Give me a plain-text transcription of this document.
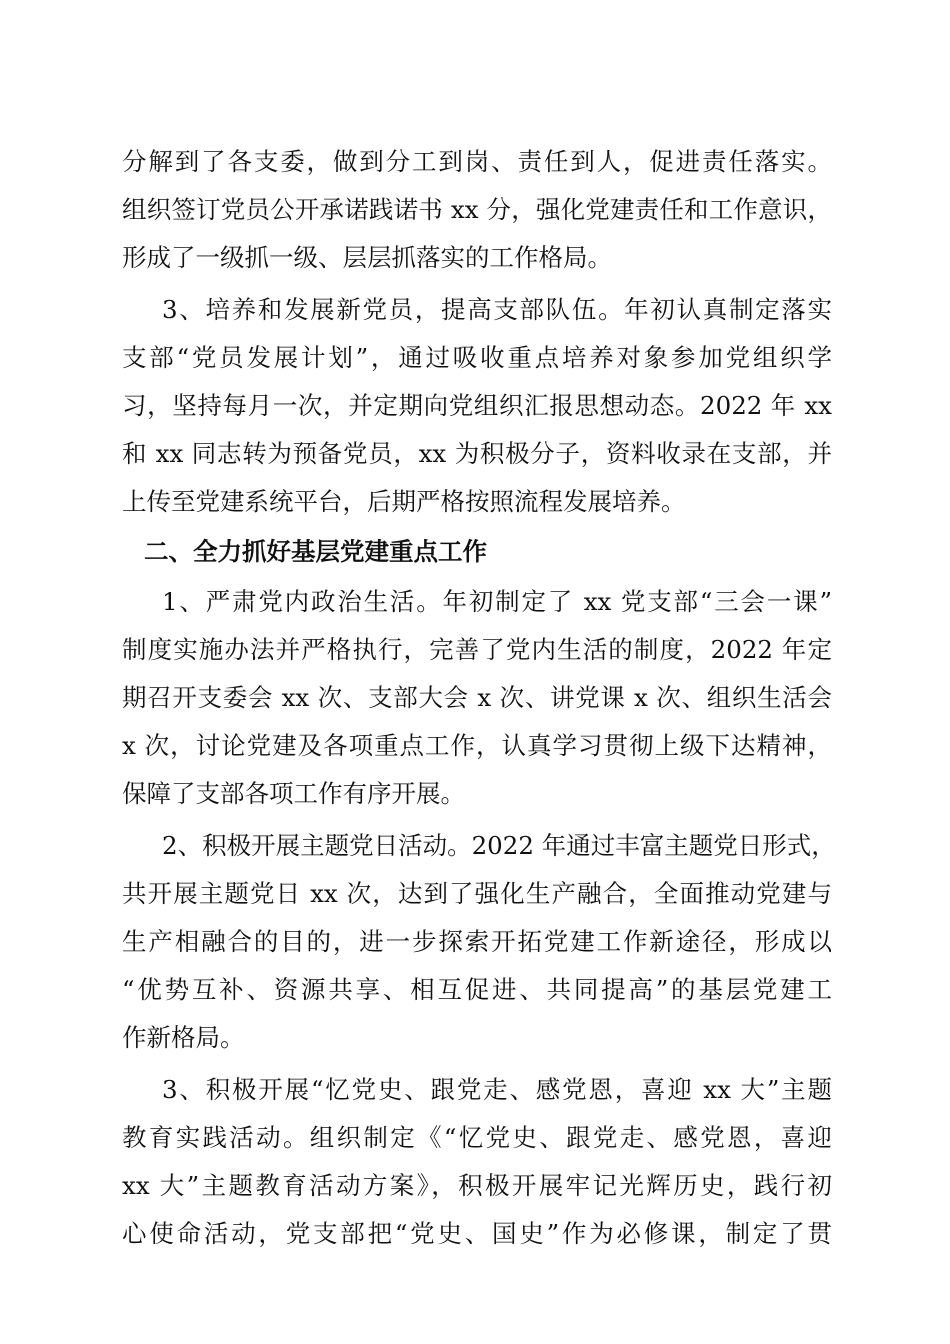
分解到了各支委，做到分工到岗、责任到人，促进责任落实。
组织签订党员公开承诺践诺书 xx 分，强化党建责任和工作意识，
形成了一级抓一级、层层抓落实的工作格局。
3、培养和发展新党员，提高支部队伍。年初认真制定落实
支部“党员发展计划”，通过吸收重点培养对象参加党组织学
习，坚持每月一次，并定期向党组织汇报思想动态。2022 年 xx
和 xx 同志转为预备党员，xx 为积极分子，资料收录在支部，并
上传至党建系统平台，后期严格按照流程发展培养。
二、全力抓好基层党建重点工作
1、严肃党内政治生活。年初制定了 xx 党支部“三会一课”
制度实施办法并严格执行，完善了党内生活的制度，2022 年定
期召开支委会 xx 次、支部大会 x 次、讲党课 x 次、组织生活会
x 次，讨论党建及各项重点工作，认真学习贯彻上级下达精神，
保障了支部各项工作有序开展。
2、积极开展主题党日活动。2022 年通过丰富主题党日形式，
共开展主题党日 xx 次，达到了强化生产融合，全面推动党建与
生产相融合的目的，进一步探索开拓党建工作新途径，形成以
“优势互补、资源共享、相互促进、共同提高”的基层党建工
作新格局。
3、积极开展“忆党史、跟党走、感党恩，喜迎 xx 大”主题
教育实践活动。组织制定《“忆党史、跟党走、感党恩，喜迎
xx 大”主题教育活动方案》，积极开展牢记光辉历史，践行初
心使命活动，党支部把“党史、国史”作为必修课，制定了贯
